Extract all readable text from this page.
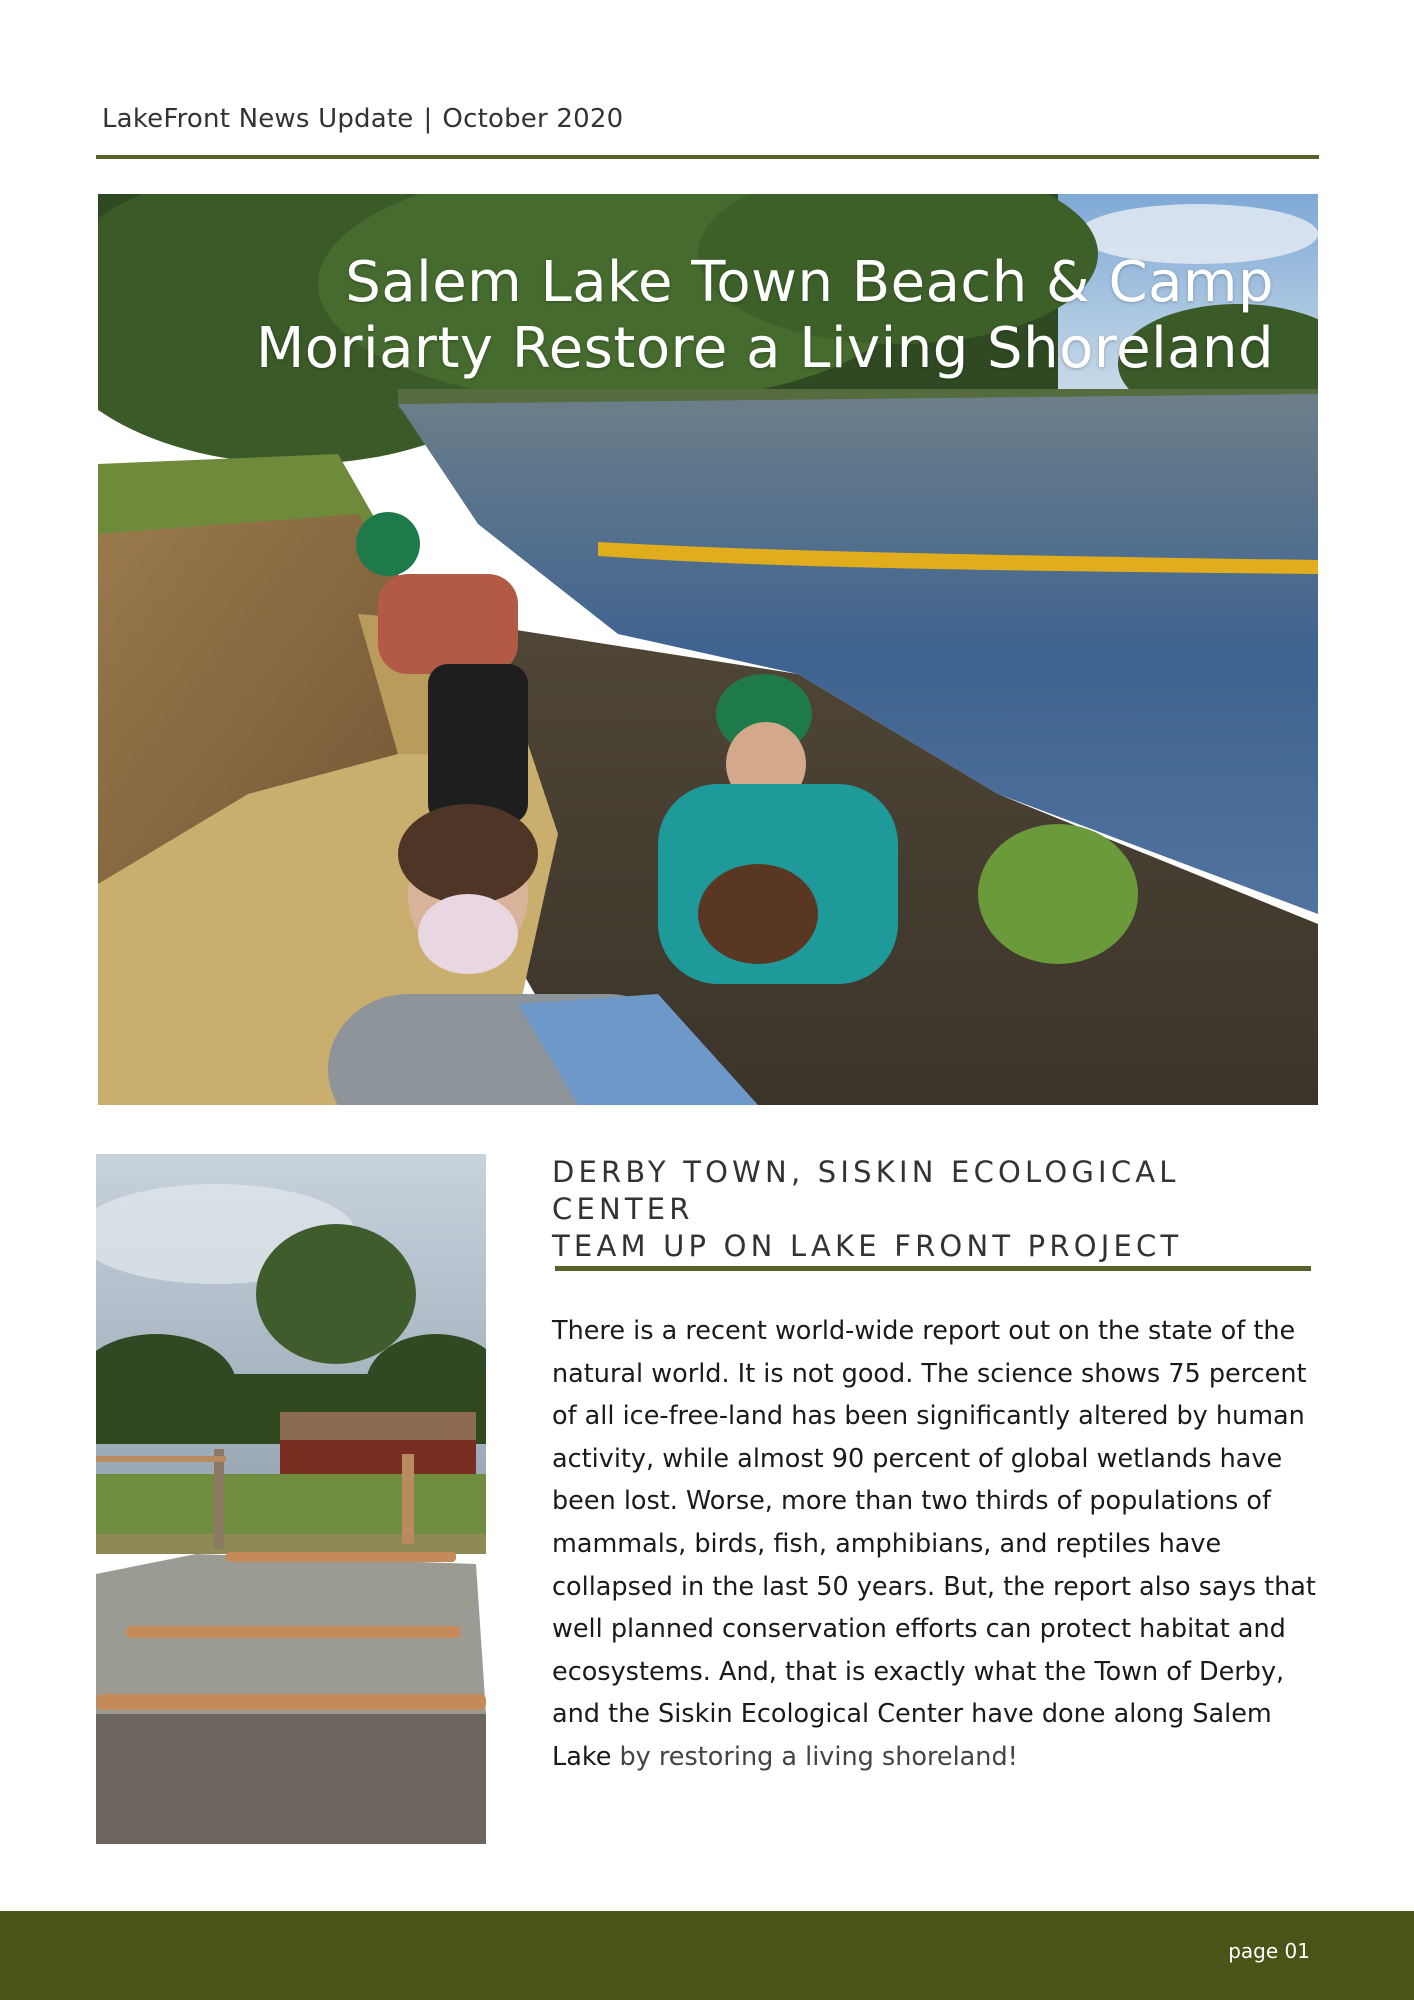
LakeFront News Update | October 2020
Salem Lake Town Beach & Camp
Moriarty Restore a Living Shoreland
DERBY TOWN, SISKIN ECOLOGICAL CENTER
TEAM UP ON LAKE FRONT PROJECT
There is a recent world-wide report out on the state of the natural world. It is not good. The science shows 75 percent of all ice-free-land has been significantly altered by human activity, while almost 90 percent of global wetlands have been lost. Worse, more than two thirds of populations of mammals, birds, fish, amphibians, and reptiles have collapsed in the last 50 years. But, the report also says that well planned conservation efforts can protect habitat and ecosystems. And, that is exactly what the Town of Derby, and the Siskin Ecological Center have done along Salem Lake by restoring a living shoreland!
page 01
